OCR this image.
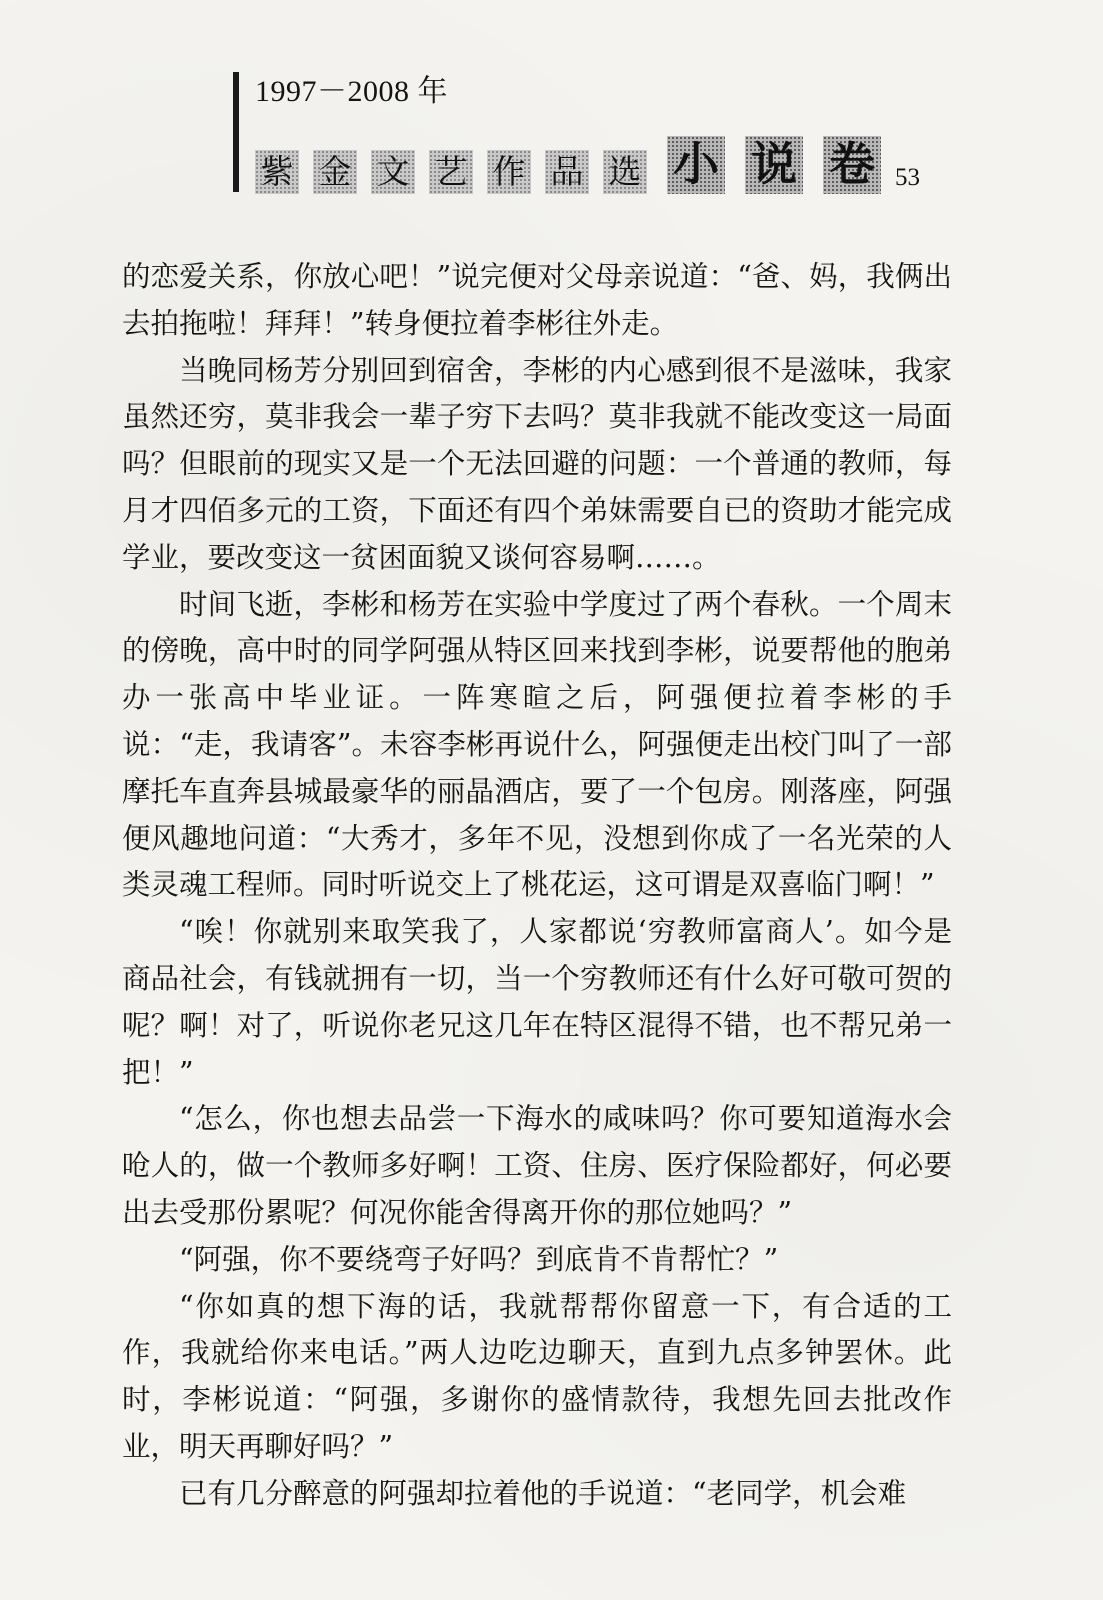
1997－2008 年
紫 金 文 艺 作 品 选 小 说 卷 53

的恋爱关系，你放心吧！”说完便对父母亲说道：“爸、妈，我俩出去拍拖啦！拜拜！”转身便拉着李彬往外走。

当晚同杨芳分别回到宿舍，李彬的内心感到很不是滋味，我家虽然还穷，莫非我会一辈子穷下去吗？莫非我就不能改变这一局面吗？但眼前的现实又是一个无法回避的问题：一个普通的教师，每月才四佰多元的工资，下面还有四个弟妹需要自已的资助才能完成学业，要改变这一贫困面貌又谈何容易啊……。

时间飞逝，李彬和杨芳在实验中学度过了两个春秋。一个周末的傍晚，高中时的同学阿强从特区回来找到李彬，说要帮他的胞弟办一张高中毕业证。一阵寒暄之后，阿强便拉着李彬的手说：“走，我请客”。未容李彬再说什么，阿强便走出校门叫了一部摩托车直奔县城最豪华的丽晶酒店，要了一个包房。刚落座，阿强便风趣地问道：“大秀才，多年不见，没想到你成了一名光荣的人类灵魂工程师。同时听说交上了桃花运，这可谓是双喜临门啊！”

“唉！你就别来取笑我了，人家都说‘穷教师富商人’。如今是商品社会，有钱就拥有一切，当一个穷教师还有什么好可敬可贺的呢？啊！对了，听说你老兄这几年在特区混得不错，也不帮兄弟一把！”

“怎么，你也想去品尝一下海水的咸味吗？你可要知道海水会呛人的，做一个教师多好啊！工资、住房、医疗保险都好，何必要出去受那份累呢？何况你能舍得离开你的那位她吗？”

“阿强，你不要绕弯子好吗？到底肯不肯帮忙？”

“你如真的想下海的话，我就帮帮你留意一下，有合适的工作，我就给你来电话。”两人边吃边聊天，直到九点多钟罢休。此时，李彬说道：“阿强，多谢你的盛情款待，我想先回去批改作业，明天再聊好吗？”

已有几分醉意的阿强却拉着他的手说道：“老同学，机会难
